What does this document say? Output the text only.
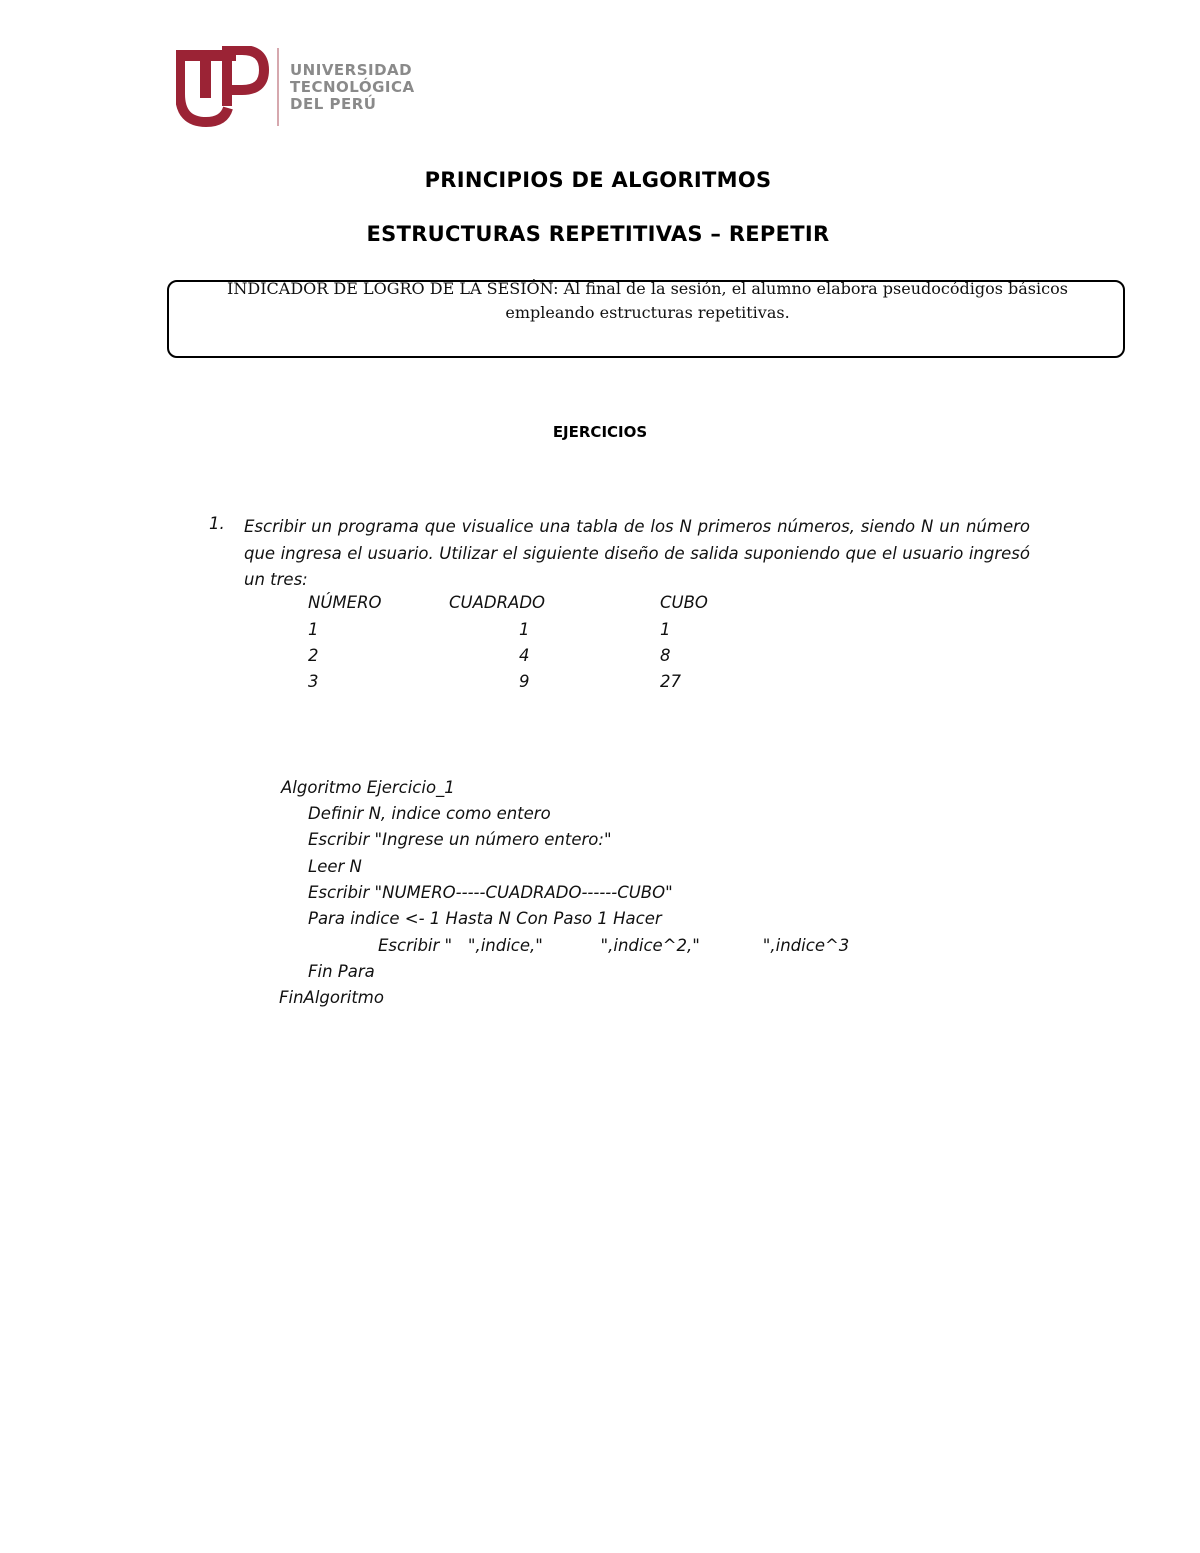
UNIVERSIDAD
TECNOLÓGICA
DEL PERÚ
PRINCIPIOS DE ALGORITMOS
ESTRUCTURAS REPETITIVAS – REPETIR
INDICADOR DE LOGRO DE LA SESIÓN: Al final de la sesión, el alumno elabora pseudocódigos básicos empleando estructuras repetitivas.
EJERCICIOS
1. Escribir un programa que visualice una tabla de los N primeros números, siendo N un número que ingresa el usuario. Utilizar el siguiente diseño de salida suponiendo que el usuario ingresó un tres:
NÚMERO	CUADRADO	CUBO
1	1	1
2	4	8
3	9	27
Algoritmo Ejercicio_1
Definir N, indice como entero
Escribir "Ingrese un número entero:"
Leer N
Escribir "NUMERO-----CUADRADO------CUBO"
Para indice <- 1 Hasta N Con Paso 1 Hacer
Escribir "   ",indice,"           ",indice^2,"            ",indice^3
Fin Para
FinAlgoritmo
